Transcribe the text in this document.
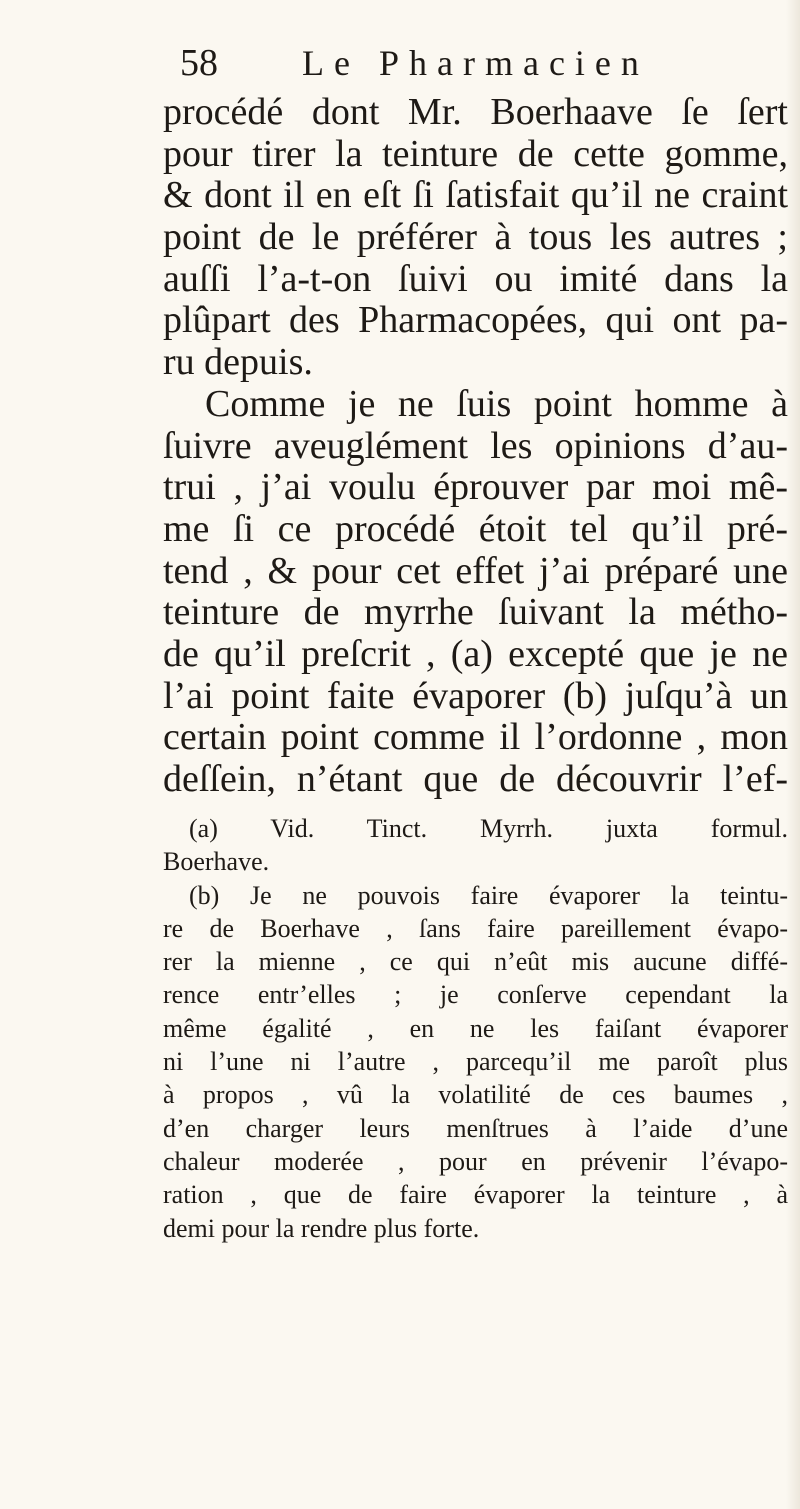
58 Le Pharmacien
procédé dont Mr. Boerhaave ſe ſert
pour tirer la teinture de cette gomme,
& dont il en eſt ſi ſatisfait qu’il ne craint
point de le préférer à tous les autres ;
auſſi l’a-t-on ſuivi ou imité dans la
plûpart des Pharmacopées, qui ont pa-
ru depuis.
Comme je ne ſuis point homme à
ſuivre aveuglément les opinions d’au-
trui , j’ai voulu éprouver par moi mê-
me ſi ce procédé étoit tel qu’il pré-
tend , & pour cet effet j’ai préparé une
teinture de myrrhe ſuivant la métho-
de qu’il preſcrit , (a) excepté que je ne
l’ai point faite évaporer (b) juſqu’à un
certain point comme il l’ordonne , mon
deſſein, n’étant que de découvrir l’ef-
(a) Vid. Tinct. Myrrh. juxta formul.
Boerhave.
(b) Je ne pouvois faire évaporer la teintu-
re de Boerhave , ſans faire pareillement évapo-
rer la mienne , ce qui n’eût mis aucune diffé-
rence entr’elles ; je conſerve cependant la
même égalité , en ne les faiſant évaporer
ni l’une ni l’autre , parcequ’il me paroît plus
à propos , vû la volatilité de ces baumes ,
d’en charger leurs menſtrues à l’aide d’une
chaleur moderée , pour en prévenir l’évapo-
ration , que de faire évaporer la teinture , à
demi pour la rendre plus forte.
